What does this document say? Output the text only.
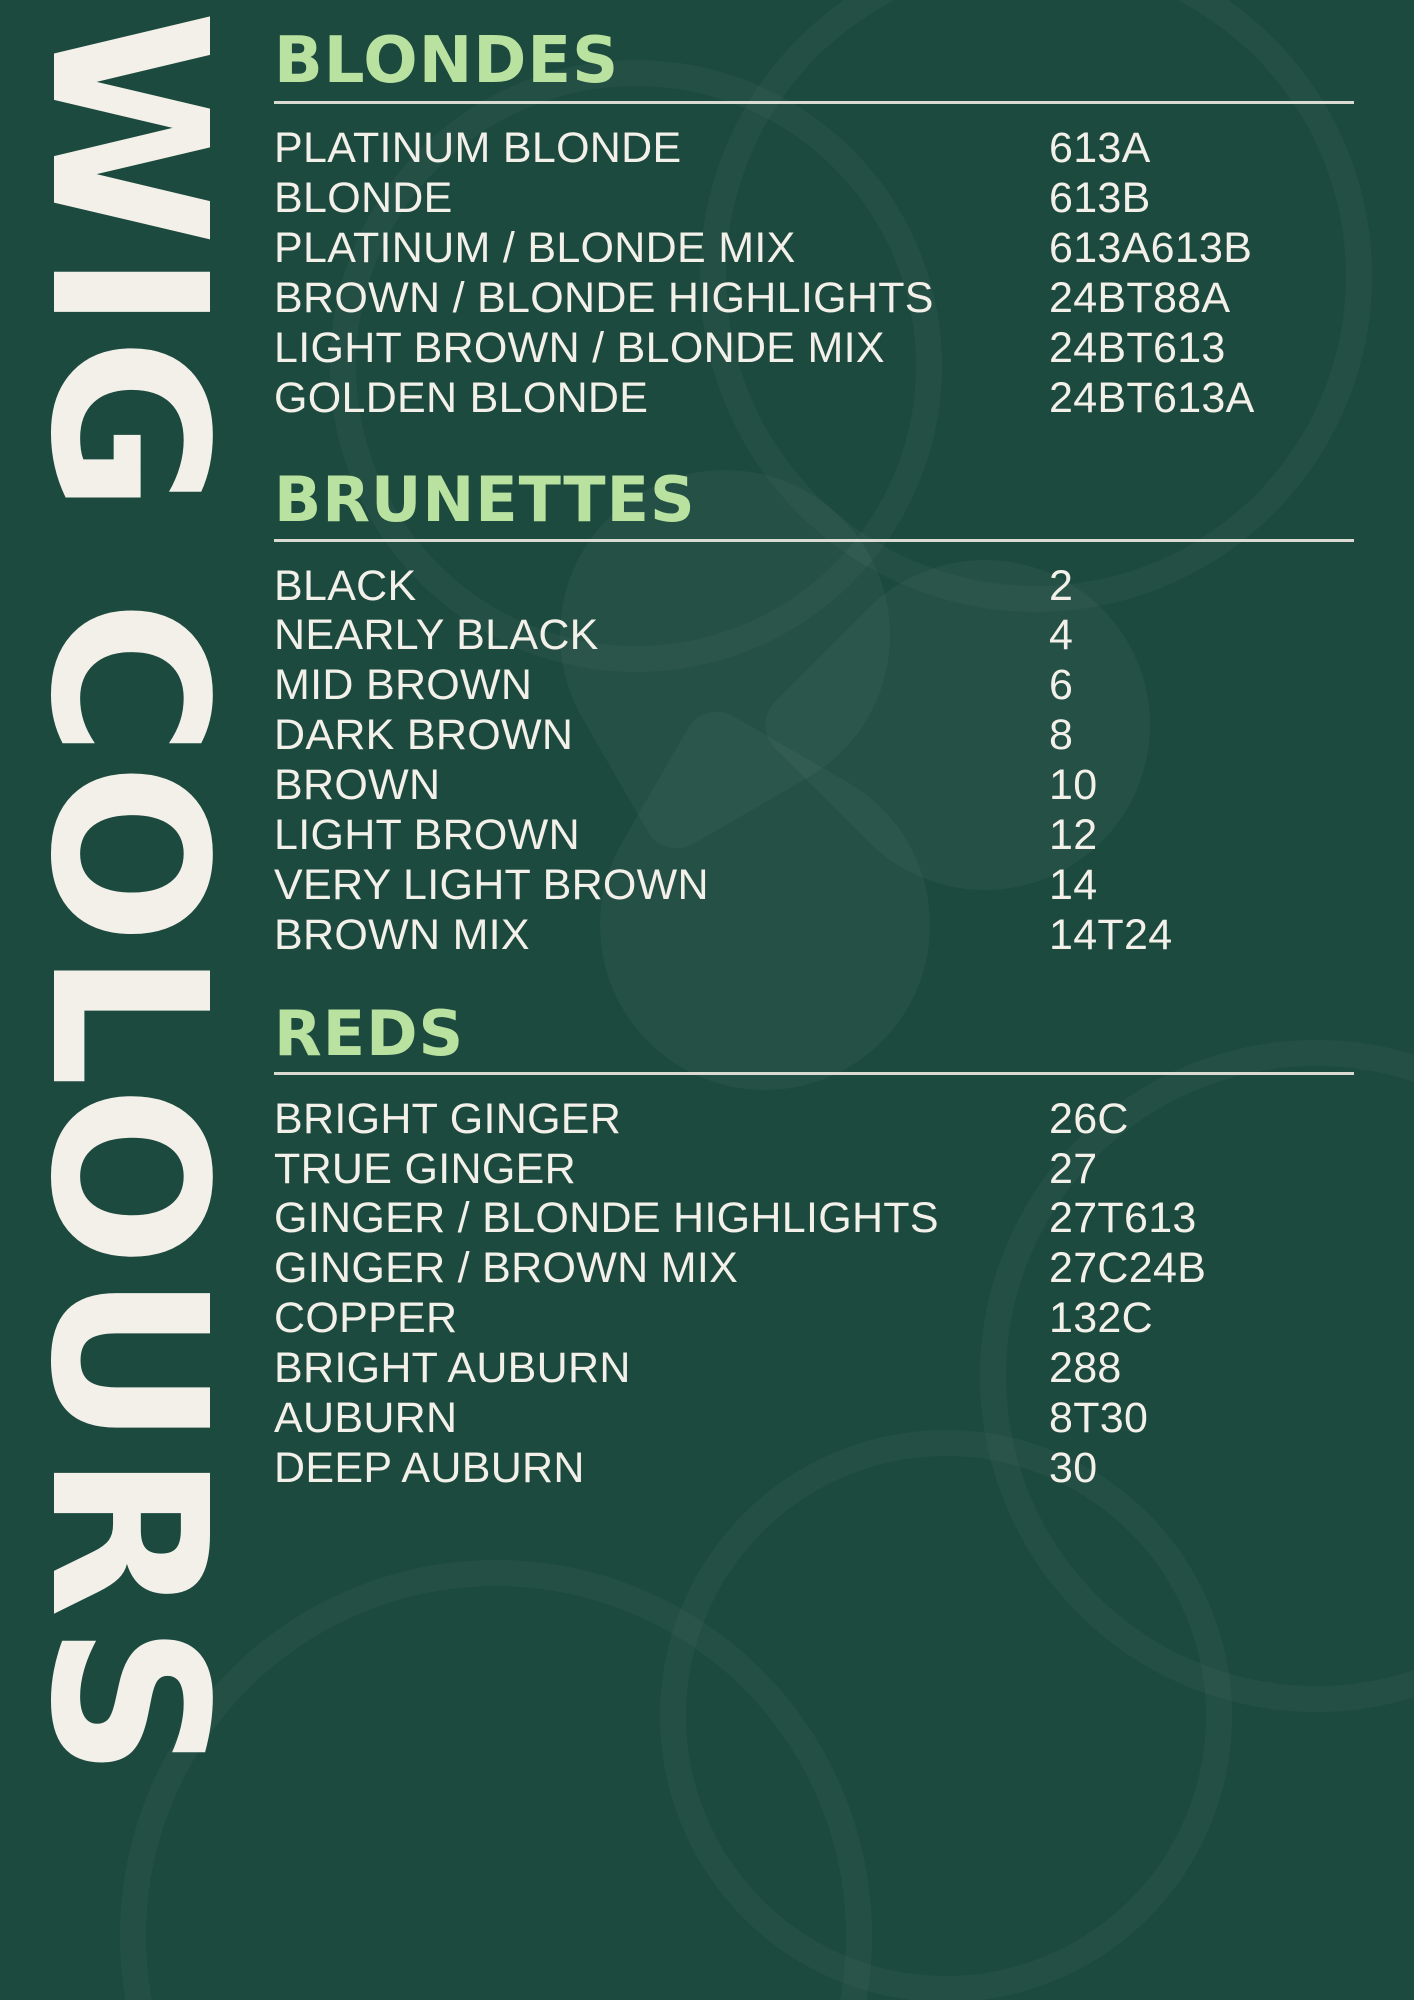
WIG COLOURS BLONDES
PLATINUM BLONDE	613A
BLONDE	613B
PLATINUM / BLONDE MIX	613A613B
BROWN / BLONDE HIGHLIGHTS	24BT88A
LIGHT BROWN / BLONDE MIX	24BT613
GOLDEN BLONDE	24BT613A
BRUNETTES
BLACK	2
NEARLY BLACK	4
MID BROWN	6
DARK BROWN	8
BROWN	10
LIGHT BROWN	12
VERY LIGHT BROWN	14
BROWN MIX	14T24
REDS
BRIGHT GINGER	26C
TRUE GINGER	27
GINGER / BLONDE HIGHLIGHTS	27T613
GINGER / BROWN MIX	27C24B
COPPER	132C
BRIGHT AUBURN	288
AUBURN	8T30
DEEP AUBURN	30
